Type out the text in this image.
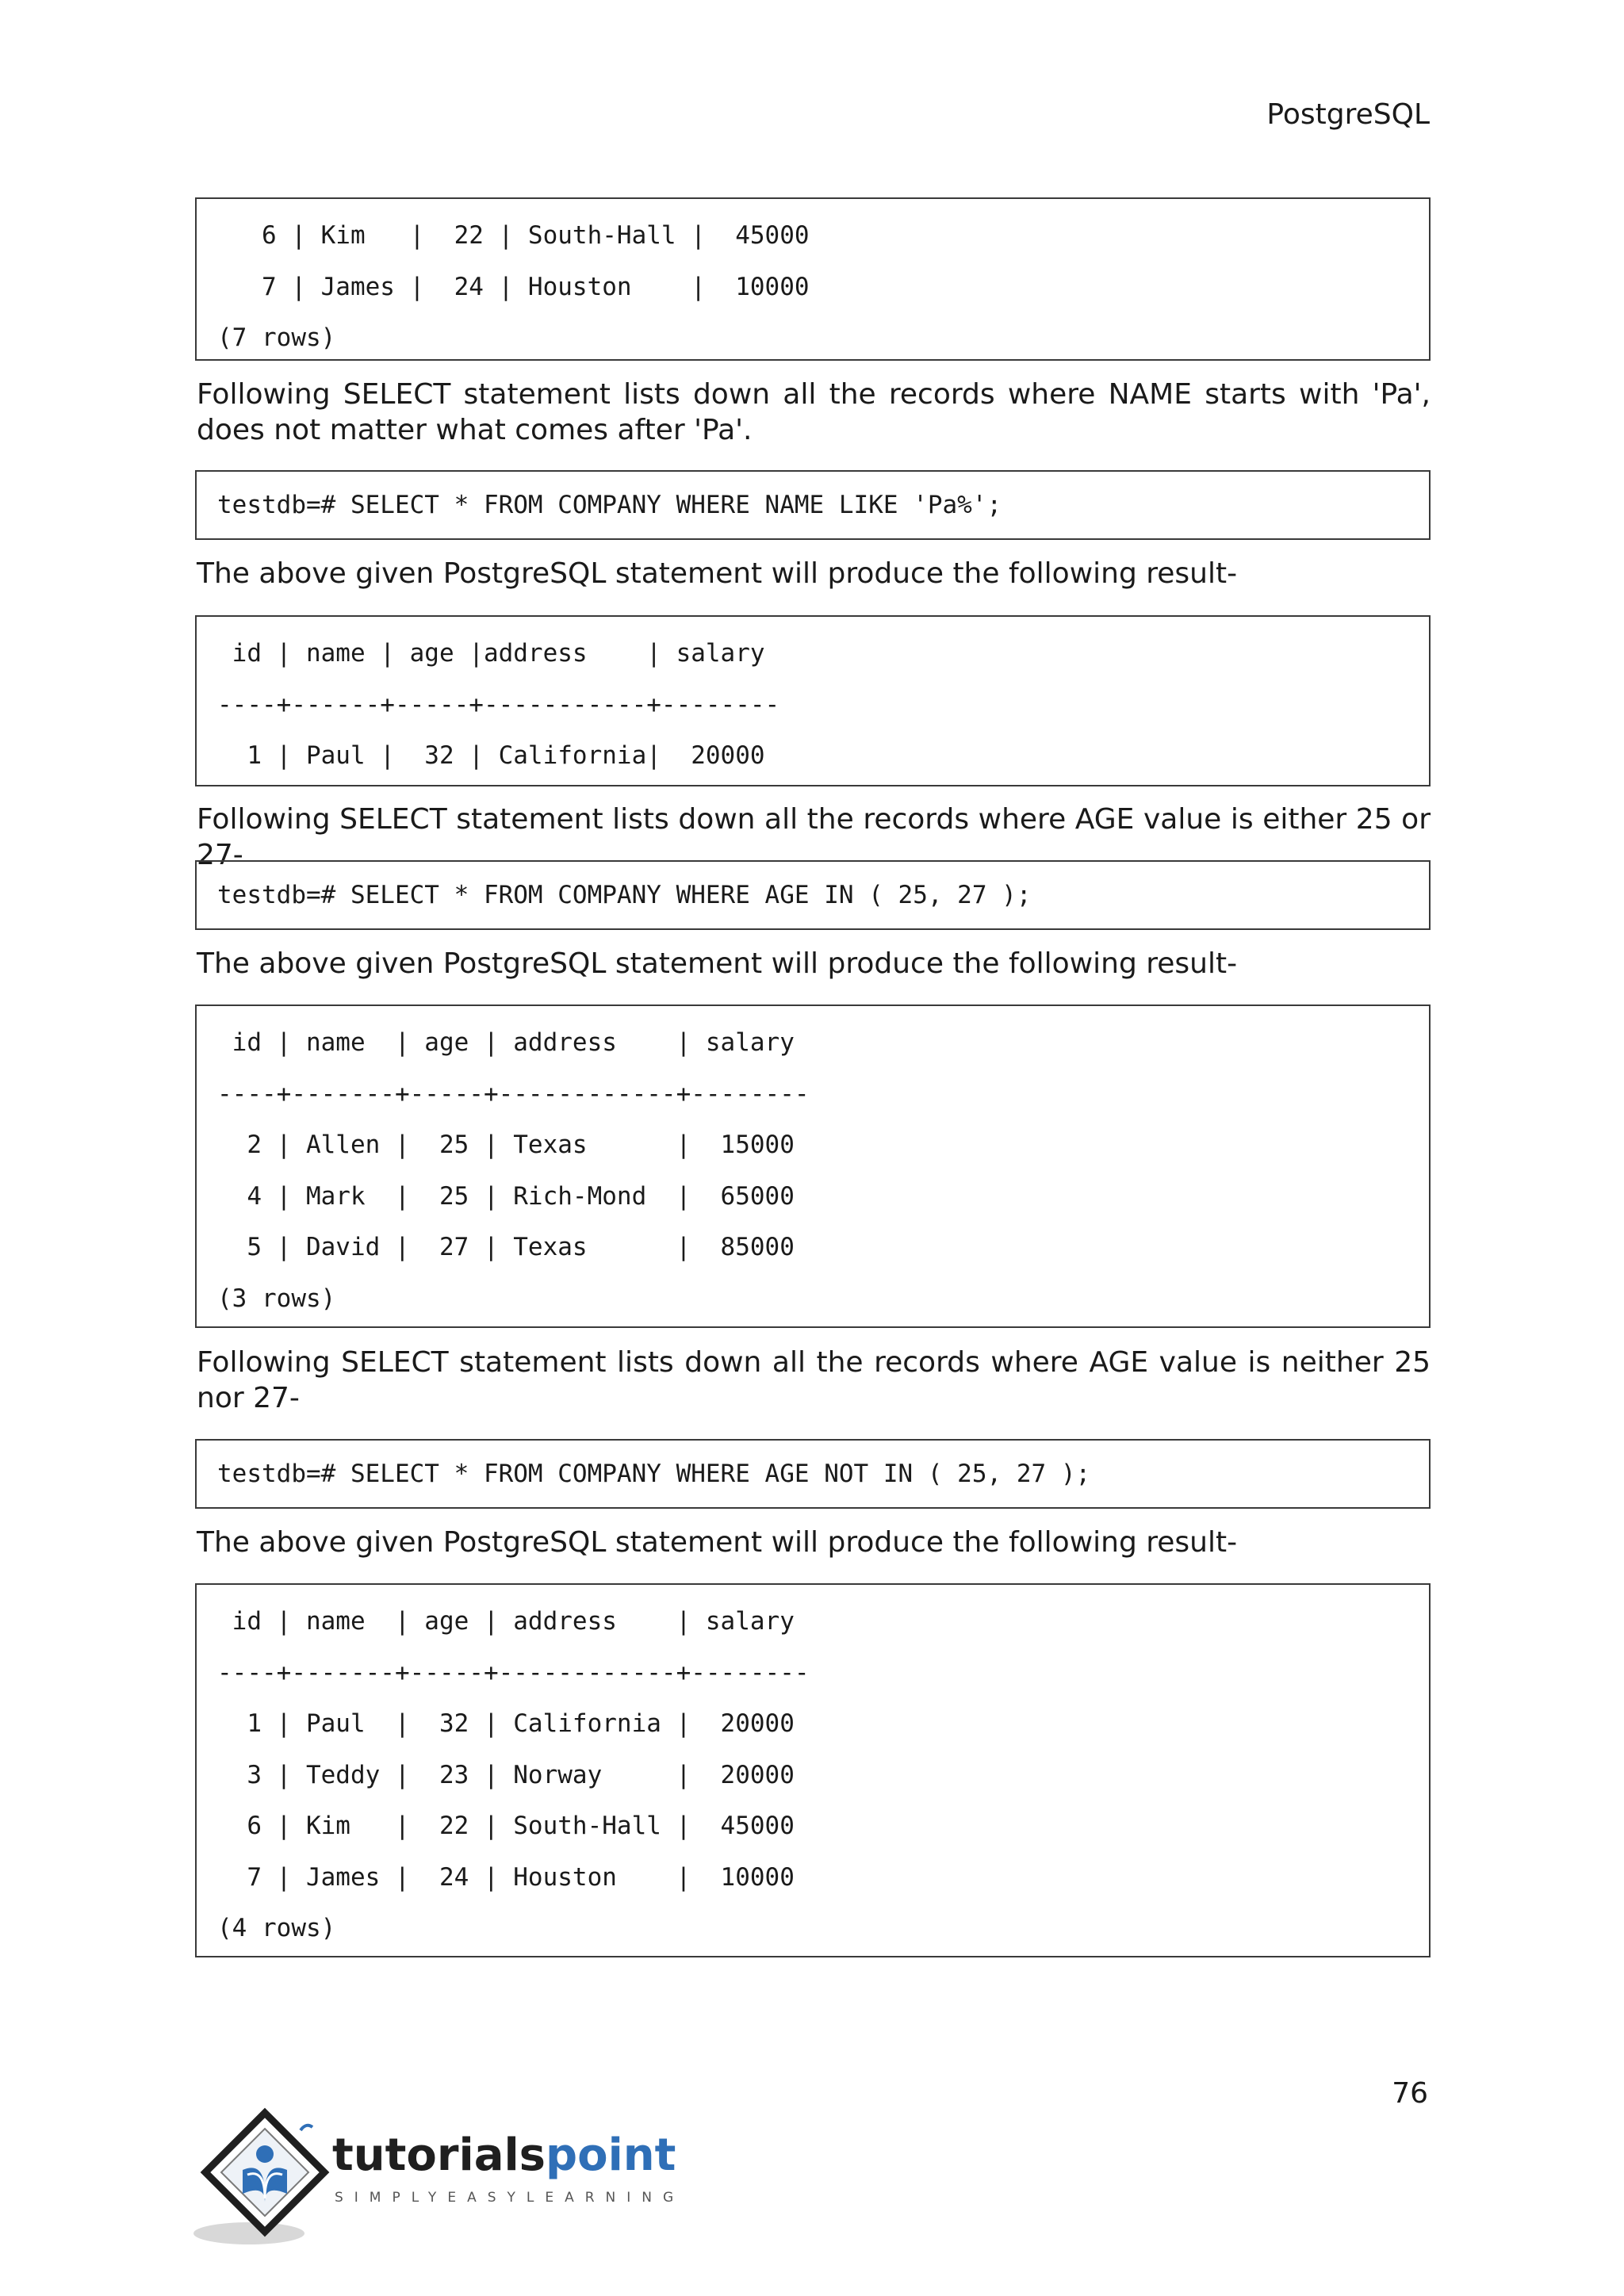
PostgreSQL
6 | Kim   |  22 | South-Hall |  45000
7 | James |  24 | Houston    |  10000
(7 rows)
Following SELECT statement lists down all the records where NAME starts with 'Pa', does not matter what comes after 'Pa'.
testdb=# SELECT * FROM COMPANY WHERE NAME LIKE 'Pa%';
The above given PostgreSQL statement will produce the following result-
id | name | age |address    | salary
----+------+-----+-----------+--------
1 | Paul |  32 | California|  20000
Following SELECT statement lists down all the records where AGE value is either 25 or 27-
testdb=# SELECT * FROM COMPANY WHERE AGE IN ( 25, 27 );
The above given PostgreSQL statement will produce the following result-
id | name  | age | address    | salary
----+-------+-----+------------+--------
2 | Allen |  25 | Texas      |  15000
4 | Mark  |  25 | Rich-Mond  |  65000
5 | David |  27 | Texas      |  85000
(3 rows)
Following SELECT statement lists down all the records where AGE value is neither 25 nor 27-
testdb=# SELECT * FROM COMPANY WHERE AGE NOT IN ( 25, 27 );
The above given PostgreSQL statement will produce the following result-
id | name  | age | address    | salary
----+-------+-----+------------+--------
1 | Paul  |  32 | California |  20000
3 | Teddy |  23 | Norway     |  20000
6 | Kim   |  22 | South-Hall |  45000
7 | James |  24 | Houston    |  10000
(4 rows)
76
tutorialspoint
SIMPLYEASYLEARNING
